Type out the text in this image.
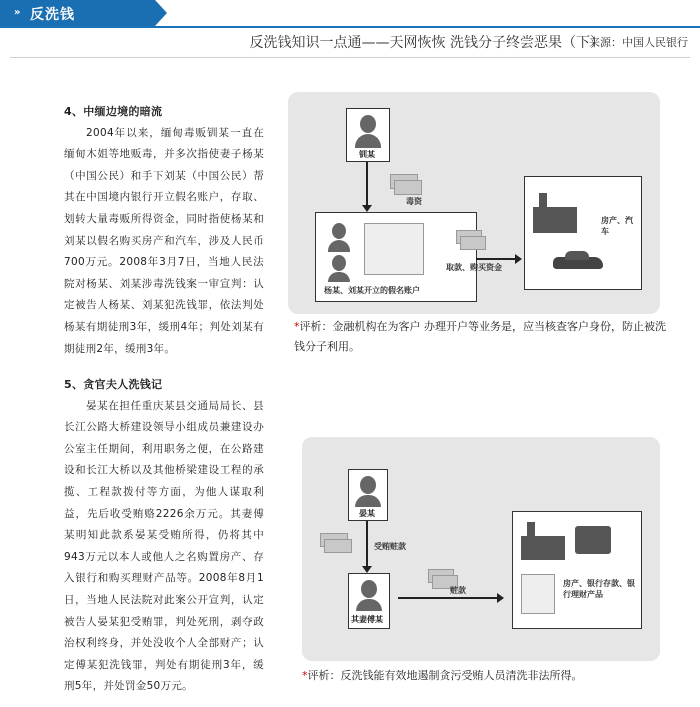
» 反洗钱
反洗钱知识一点通——天网恢恢 洗钱分子终尝恶果（下）
来源：中国人民银行
4、中缅边境的暗流

2004年以来，缅甸毒贩钏某一直在缅甸木姐等地贩毒，并多次指使妻子杨某（中国公民）和手下刘某（中国公民）帮其在中国境内银行开立假名账户，存取、划转大量毒贩所得资金，同时指使杨某和刘某以假名购买房产和汽车，涉及人民币700万元。2008年3月7日，当地人民法院对杨某、刘某涉毒洗钱案一审宣判：认定被告人杨某、刘某犯洗钱罪，依法判处杨某有期徒刑3年，缓刑4年；判处刘某有期徒刑2年，缓刑3年。

5、贪官夫人洗钱记

晏某在担任重庆某县交通局局长、县长江公路大桥建设领导小组成员兼建设办公室主任期间，利用职务之便，在公路建设和长江大桥以及其他桥梁建设工程的承揽、工程款拨付等方面，为他人谋取利益，先后收受贿赂2226余万元。其妻傅某明知此款系晏某受贿所得，仍将其中943万元以本人或他人之名购置房产、存入银行和购买理财产品等。2008年8月1日，当地人民法院对此案公开宣判，认定被告人晏某犯受贿罪，判处死刑，剥夺政治权利终身，并处没收个人全部财产；认定傅某犯洗钱罪，判处有期徒刑3年，缓刑5年，并处罚金50万元。

钏某
毒资
杨某、刘某开立的假名账户
取款、购买资金
房产、汽车
*评析：金融机构在为客户 办理开户等业务是，应当核查客户身份，防止被洗钱分子利用。
晏某
受贿赃款
其妻傅某
赃款
房产、银行存款、银行理财产品
*评析：反洗钱能有效地遏制贪污受贿人员清洗非法所得。
